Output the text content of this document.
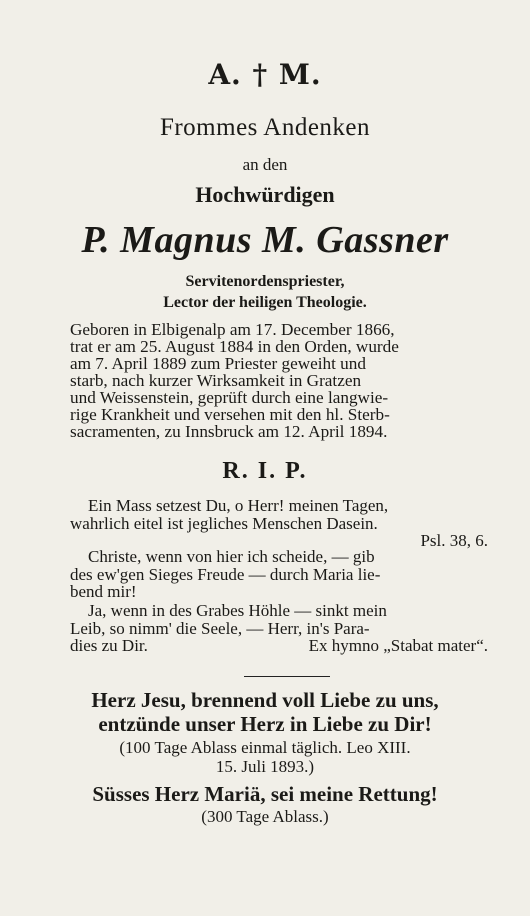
A. † M.
Frommes Andenken
an den
Hochwürdigen
P. Magnus M. Gassner
Servitenordenspriester,
Lector der heiligen Theologie.
Geboren in Elbigenalp am 17. December 1866,
trat er am 25. August 1884 in den Orden, wurde
am 7. April 1889 zum Priester geweiht und
starb, nach kurzer Wirksamkeit in Gratzen
und Weissenstein, geprüft durch eine langwie-
rige Krankheit und versehen mit den hl. Sterb-
sacramenten, zu Innsbruck am 12. April 1894.
R. I. P.
Ein Mass setzest Du, o Herr! meinen Tagen,
wahrlich eitel ist jegliches Menschen Dasein.
Psl. 38, 6.
Christe, wenn von hier ich scheide, — gib
des ew'gen Sieges Freude — durch Maria lie-
bend mir!
Ja, wenn in des Grabes Höhle — sinkt mein
Leib, so nimm' die Seele, — Herr, in's Para-
dies zu Dir.	Ex hymno „Stabat mater“.
Herz Jesu, brennend voll Liebe zu uns,
entzünde unser Herz in Liebe zu Dir!
(100 Tage Ablass einmal täglich. Leo XIII.
15. Juli 1893.)
Süsses Herz Mariä, sei meine Rettung!
(300 Tage Ablass.)
